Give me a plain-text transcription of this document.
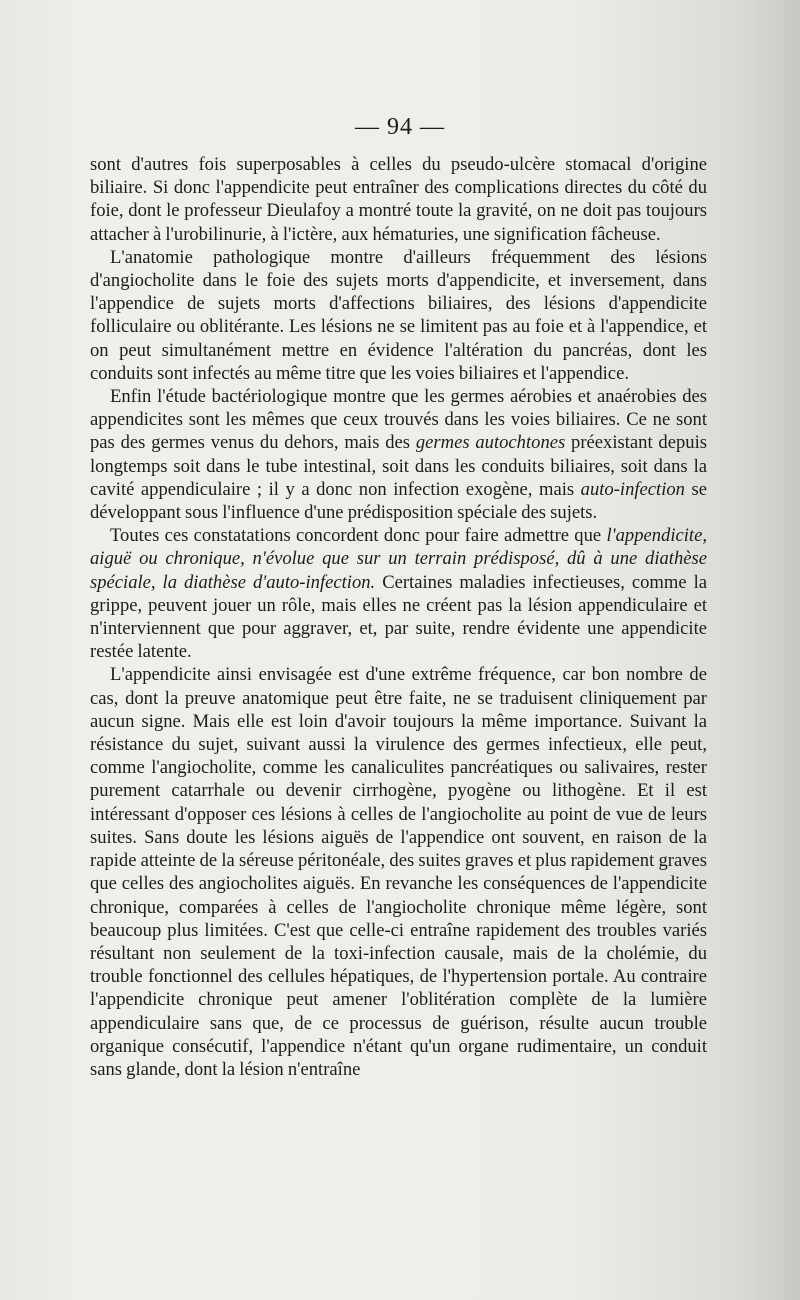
— 94 —

sont d'autres fois superposables à celles du pseudo-ulcère stomacal d'origine biliaire. Si donc l'appendicite peut entraîner des complications directes du côté du foie, dont le professeur Dieulafoy a montré toute la gravité, on ne doit pas toujours attacher à l'urobilinurie, à l'ictère, aux hématuries, une signification fâcheuse.

L'anatomie pathologique montre d'ailleurs fréquemment des lésions d'angiocholite dans le foie des sujets morts d'appendicite, et inversement, dans l'appendice de sujets morts d'affections biliaires, des lésions d'appendicite folliculaire ou oblitérante. Les lésions ne se limitent pas au foie et à l'appendice, et on peut simultanément mettre en évidence l'altération du pancréas, dont les conduits sont infectés au même titre que les voies biliaires et l'appendice.

Enfin l'étude bactériologique montre que les germes aérobies et anaérobies des appendicites sont les mêmes que ceux trouvés dans les voies biliaires. Ce ne sont pas des germes venus du dehors, mais des germes autochtones préexistant depuis longtemps soit dans le tube intestinal, soit dans les conduits biliaires, soit dans la cavité appendiculaire ; il y a donc non infection exogène, mais auto-infection se développant sous l'influence d'une prédisposition spéciale des sujets.

Toutes ces constatations concordent donc pour faire admettre que l'appendicite, aiguë ou chronique, n'évolue que sur un terrain prédisposé, dû à une diathèse spéciale, la diathèse d'auto-infection. Certaines maladies infectieuses, comme la grippe, peuvent jouer un rôle, mais elles ne créent pas la lésion appendiculaire et n'interviennent que pour aggraver, et, par suite, rendre évidente une appendicite restée latente.

L'appendicite ainsi envisagée est d'une extrême fréquence, car bon nombre de cas, dont la preuve anatomique peut être faite, ne se traduisent cliniquement par aucun signe. Mais elle est loin d'avoir toujours la même importance. Suivant la résistance du sujet, suivant aussi la virulence des germes infectieux, elle peut, comme l'angiocholite, comme les canaliculites pancréatiques ou salivaires, rester purement catarrhale ou devenir cirrhogène, pyogène ou lithogène. Et il est intéressant d'opposer ces lésions à celles de l'angiocholite au point de vue de leurs suites. Sans doute les lésions aiguës de l'appendice ont souvent, en raison de la rapide atteinte de la séreuse péritonéale, des suites graves et plus rapidement graves que celles des angiocholites aiguës. En revanche les conséquences de l'appendicite chronique, comparées à celles de l'angiocholite chronique même légère, sont beaucoup plus limitées. C'est que celle-ci entraîne rapidement des troubles variés résultant non seulement de la toxi-infection causale, mais de la cholémie, du trouble fonctionnel des cellules hépatiques, de l'hypertension portale. Au contraire l'appendicite chronique peut amener l'oblitération complète de la lumière appendiculaire sans que, de ce processus de guérison, résulte aucun trouble organique consécutif, l'appendice n'étant qu'un organe rudimentaire, un conduit sans glande, dont la lésion n'entraîne
